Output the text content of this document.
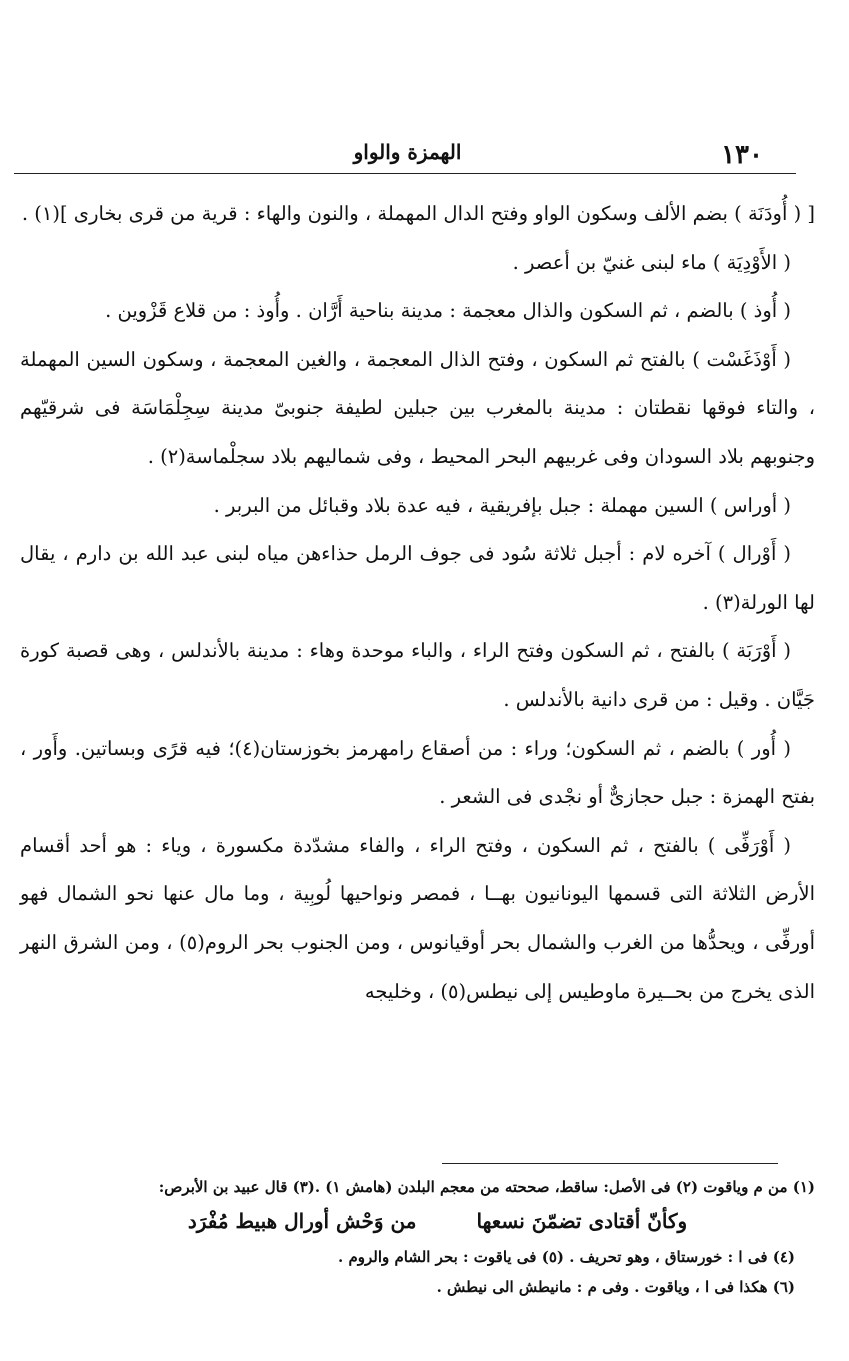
الهمزة والواو	١٣٠

[ ( أُودَنَة ) بضم الألف وسكون الواو وفتح الدال المهملة ، والنون والهاء : قرية من قرى بخارى ](١) .

( الأَوْدِيَة ) ماء لبنى غنيّ بن أعصر .

( أُوذ ) بالضم ، ثم السكون والذال معجمة : مدينة بناحية أَرَّان . وأُوذ : من قلاع قَزْوين .

( أَوْذَغَسْت ) بالفتح ثم السكون ، وفتح الذال المعجمة ، والغين المعجمة ، وسكون السين المهملة ، والتاء فوقها نقطتان : مدينة بالمغرب بين جبلين لطيفة جنوبىّ مدينة سِجِلْمَاسَة فى شرقيّهم وجنوبهم بلاد السودان وفى غربيهم البحر المحيط ، وفى شماليهم بلاد سجلْماسة(٢) .

( أوراس ) السين مهملة : جبل بإفريقية ، فيه عدة بلاد وقبائل من البربر .

( أَوْرال ) آخره لام : أجبل ثلاثة سُود فى جوف الرمل حذاءهن مياه لبنى عبد الله بن دارم ، يقال لها الورلة(٣) .

( أَوْرَبَة ) بالفتح ، ثم السكون وفتح الراء ، والباء موحدة وهاء : مدينة بالأندلس ، وهى قصبة كورة جَيَّان . وقيل : من قرى دانية بالأندلس .

( أُور ) بالضم ، ثم السكون؛ وراء : من أصقاع رامهرمز بخوزستان(٤)؛ فيه قرًى وبساتين. وأَور ، بفتح الهمزة : جبل حجازىٌّ أو نجْدى فى الشعر .

( أَوْرَفِّى ) بالفتح ، ثم السكون ، وفتح الراء ، والفاء مشدّدة مكسورة ، وياء : هو أحد أقسام الأرض الثلاثة التى قسمها اليونانيون بهــا ، فمصر ونواحيها لُوبِية ، وما مال عنها نحو الشمال فهو أورفِّى ، ويحدُّها من الغرب والشمال بحر أوقيانوس ، ومن الجنوب بحر الروم(٥) ، ومن الشرق النهر الذى يخرج من بحــيرة ماوطيس إلى نيطس(٥) ، وخليجه

(١) من م وياقوت (٢) فى الأصل: ساقط، صححته من معجم البلدن (هامش ١) .(٣) قال عبيد بن الأبرص:

وكأنّ أقتادى تضمّنَ نسعها
من وَحْش أورال هبيط مُفْرَد

(٤) فى ا : خورستاق ، وهو تحريف . (٥) فى ياقوت : بحر الشام والروم .

(٦) هكذا فى ا ، وياقوت . وفى م : مانيطش الى نيطش .
